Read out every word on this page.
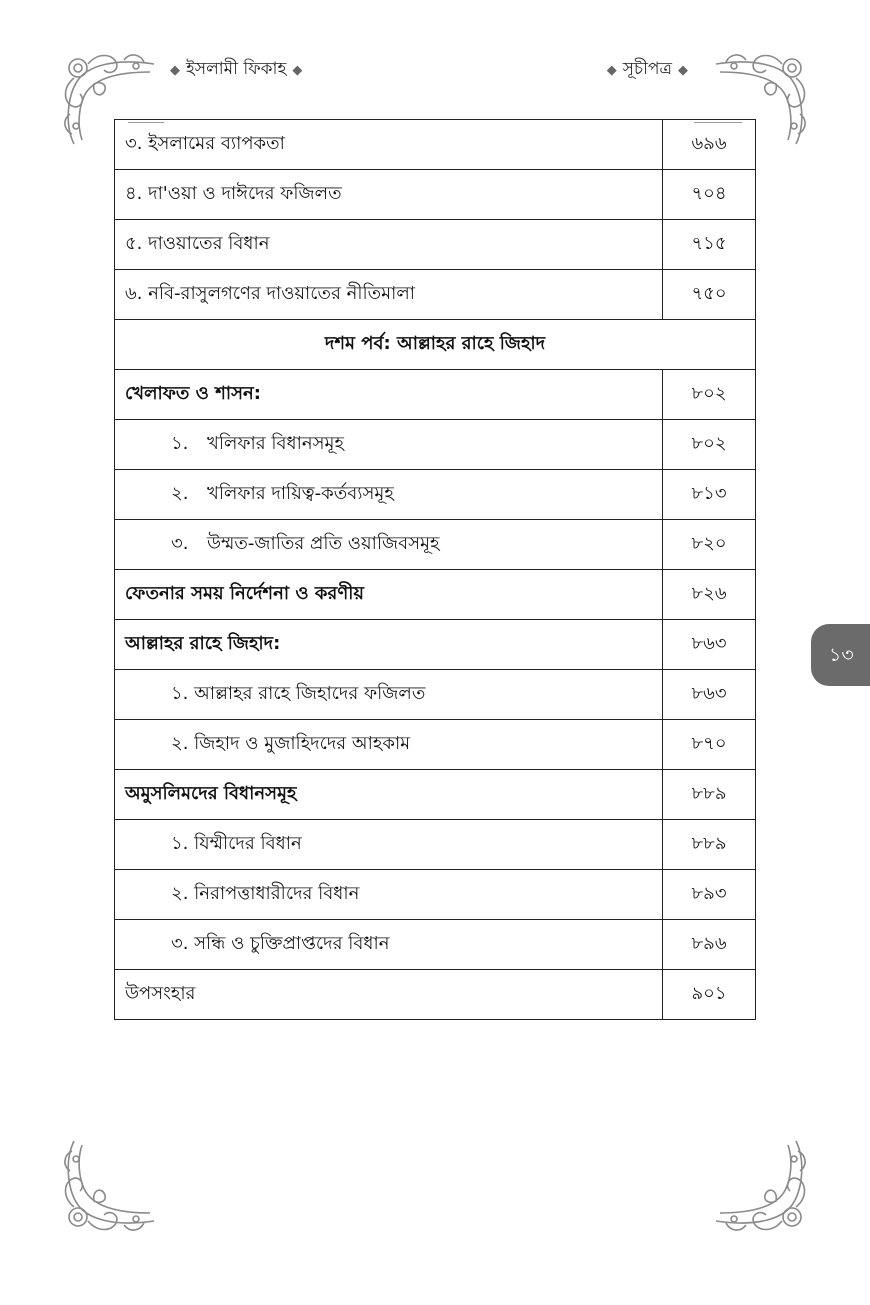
◆ ইসলামী ফিকাহ ◆	◆ সূচীপত্র ◆
৩. ইসলামের ব্যাপকতা	৬৯৬
৪. দা'ওয়া ও দাঈদের ফজিলত	৭০৪
৫. দাওয়াতের বিধান	৭১৫
৬. নবি-রাসুলগণের দাওয়াতের নীতিমালা	৭৫০
দশম পর্ব: আল্লাহর রাহে জিহাদ	
খেলাফত ও শাসন:	৮০২
১. খলিফার বিধানসমূহ	৮০২
২. খলিফার দায়িত্ব-কর্তব্যসমূহ	৮১৩
৩. উম্মত-জাতির প্রতি ওয়াজিবসমূহ	৮২০
ফেতনার সময় নির্দেশনা ও করণীয়	৮২৬
আল্লাহর রাহে জিহাদ:	৮৬৩
১. আল্লাহর রাহে জিহাদের ফজিলত	৮৬৩
২. জিহাদ ও মুজাহিদদের আহকাম	৮৭০
অমুসলিমদের বিধানসমূহ	৮৮৯
১. যিম্মীদের বিধান	৮৮৯
২. নিরাপত্তাধারীদের বিধান	৮৯৩
৩. সন্ধি ও চুক্তিপ্রাপ্তদের বিধান	৮৯৬
উপসংহার	৯০১
১৩
